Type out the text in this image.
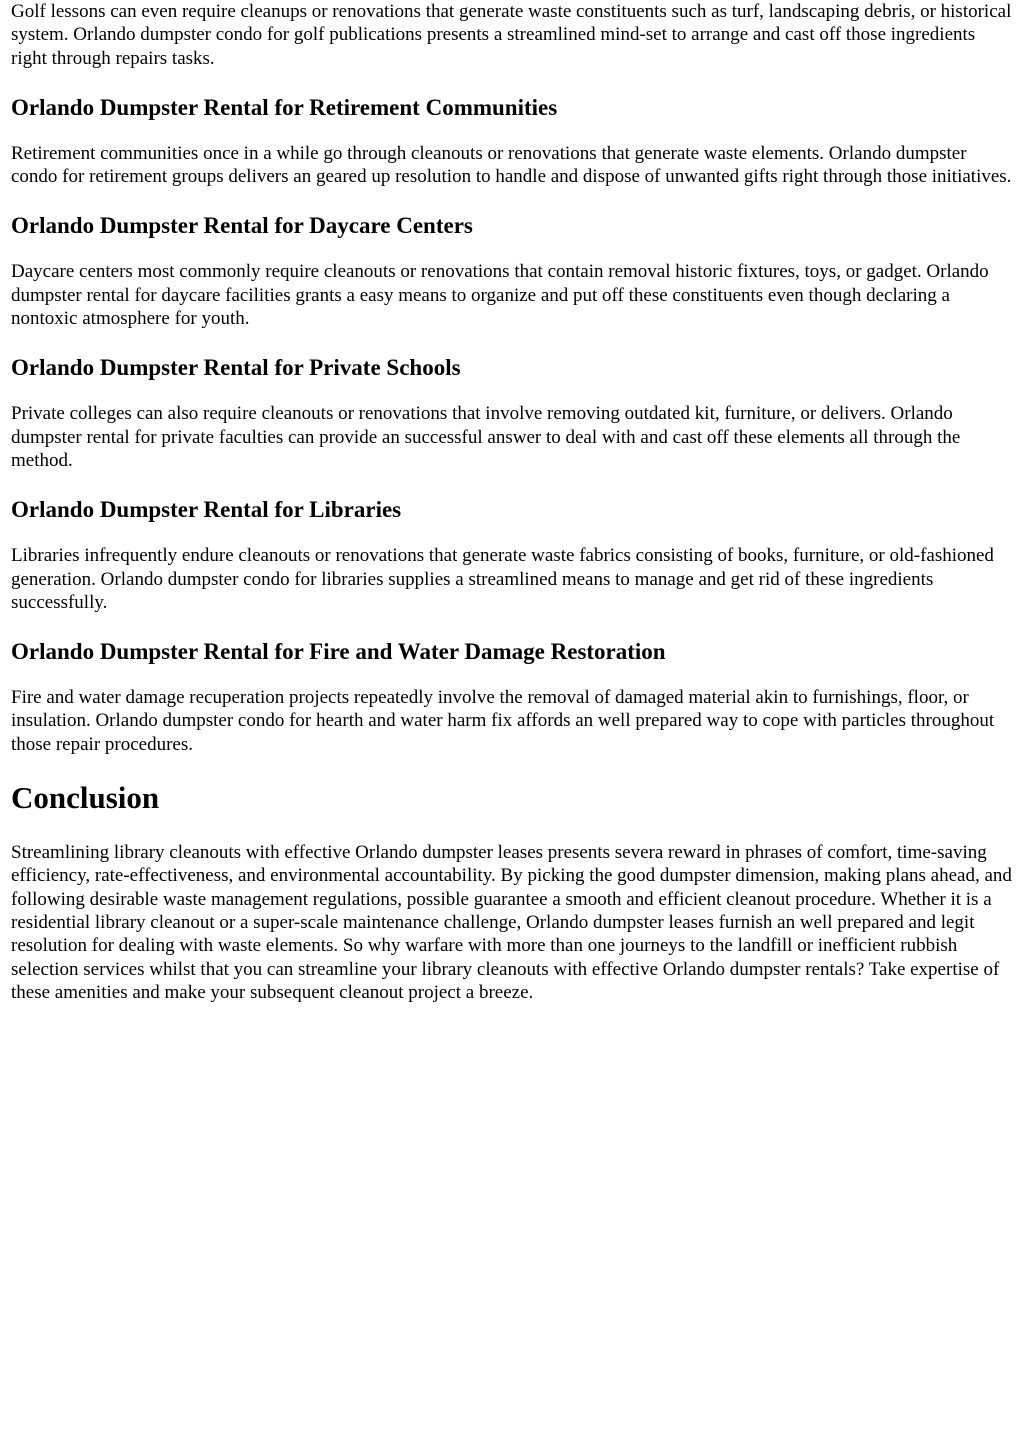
Golf lessons can even require cleanups or renovations that generate waste constituents such as turf, landscaping debris, or historical system. Orlando dumpster condo for golf publications presents a streamlined mind-set to arrange and cast off those ingredients right through repairs tasks.

Orlando Dumpster Rental for Retirement Communities

Retirement communities once in a while go through cleanouts or renovations that generate waste elements. Orlando dumpster condo for retirement groups delivers an geared up resolution to handle and dispose of unwanted gifts right through those initiatives.

Orlando Dumpster Rental for Daycare Centers

Daycare centers most commonly require cleanouts or renovations that contain removal historic fixtures, toys, or gadget. Orlando dumpster rental for daycare facilities grants a easy means to organize and put off these constituents even though declaring a nontoxic atmosphere for youth.

Orlando Dumpster Rental for Private Schools

Private colleges can also require cleanouts or renovations that involve removing outdated kit, furniture, or delivers. Orlando dumpster rental for private faculties can provide an successful answer to deal with and cast off these elements all through the method.

Orlando Dumpster Rental for Libraries

Libraries infrequently endure cleanouts or renovations that generate waste fabrics consisting of books, furniture, or old-fashioned generation. Orlando dumpster condo for libraries supplies a streamlined means to manage and get rid of these ingredients successfully.

Orlando Dumpster Rental for Fire and Water Damage Restoration

Fire and water damage recuperation projects repeatedly involve the removal of damaged material akin to furnishings, floor, or insulation. Orlando dumpster condo for hearth and water harm fix affords an well prepared way to cope with particles throughout those repair procedures.

Conclusion

Streamlining library cleanouts with effective Orlando dumpster leases presents severa reward in phrases of comfort, time-saving efficiency, rate-effectiveness, and environmental accountability. By picking the good dumpster dimension, making plans ahead, and following desirable waste management regulations, possible guarantee a smooth and efficient cleanout procedure. Whether it is a residential library cleanout or a super-scale maintenance challenge, Orlando dumpster leases furnish an well prepared and legit resolution for dealing with waste elements. So why warfare with more than one journeys to the landfill or inefficient rubbish selection services whilst that you can streamline your library cleanouts with effective Orlando dumpster rentals? Take expertise of these amenities and make your subsequent cleanout project a breeze.
